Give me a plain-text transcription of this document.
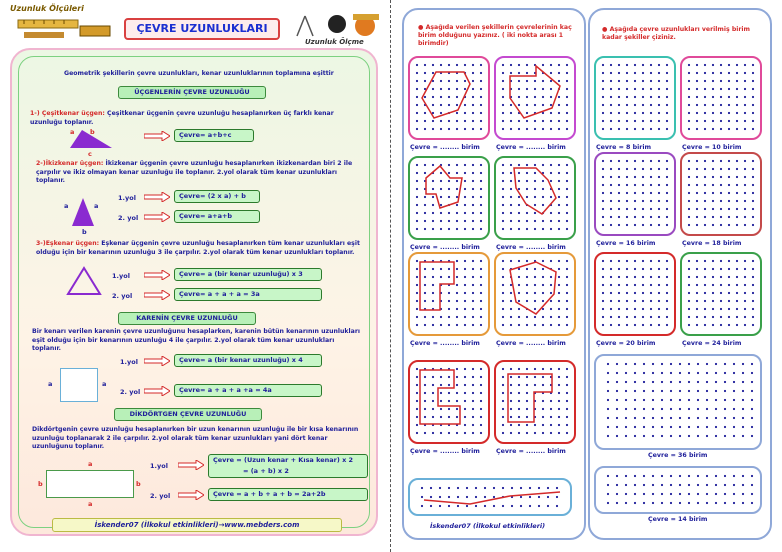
Uzunluk Ölçüleri
ÇEVRE UZUNLUKLARI
Uzunluk Ölçme
Geometrik şekillerin çevre uzunlukları, kenar uzunluklarının toplamına eşittir
ÜÇGENLERİN ÇEVRE UZUNLUĞU
1-) Çeşitkenar üçgen: Çeşitkenar üçgenin çevre uzunluğu hesaplanırken üç farklı kenar uzunluğu toplanır.
a b
c
Çevre= a+b+c
2-)İkizkenar üçgen: İkizkenar üçgenin çevre uzunluğu hesaplanırken ikizkenardan biri 2 ile çarpılır ve ikiz olmayan kenar uzunluğu ile toplanır. 2.yol olarak tüm kenar uzunlukları toplanır.
a	a
b
1.yol	Çevre= (2 x a) + b
2. yol	Çevre= a+a+b
3-)Eşkenar üçgen: Eşkenar üçgenin çevre uzunluğu hesaplanırken tüm kenar uzunlukları eşit olduğu için bir kenarının uzunluğu 3 ile çarpılır. 2.yol olarak tüm kenar uzunlukları toplanır.
1.yol	Çevre= a (bir kenar uzunluğu) x 3
2. yol	Çevre= a + a + a = 3a
KARENİN ÇEVRE UZUNLUĞU
Bir kenarı verilen karenin çevre uzunluğunu hesaplarken, karenin bütün kenarının uzunlukları eşit olduğu için bir kenarının uzunluğu 4 ile çarpılır. 2.yol olarak tüm kenar uzunlukları toplanır.
a	a
1.yol	Çevre= a (bir kenar uzunluğu) x 4
2. yol	Çevre= a + a + a +a = 4a
DİKDÖRTGEN ÇEVRE UZUNLUĞU
Dikdörtgenin çevre uzunluğu hesaplanırken bir uzun kenarının uzunluğu ile bir kısa kenarının uzunluğu toplanarak 2 ile çarpılır. 2.yol olarak tüm kenar uzunlukları yani dört kenar uzunluğunu toplanır.
a
b	b
a
1.yol
Çevre = (Uzun kenar + Kısa kenar) x 2
= (a + b) x 2
2. yol	Çevre = a + b + a + b = 2a+2b
İskender07 (İlkokul etkinlikleri)→www.mebders.com
● Aşağıda verilen şekillerin çevrelerinin kaç birim olduğunu yazınız. ( iki nokta arası 1 birimdir)
● Aşağıda çevre uzunlukları verilmiş birim kadar şekiller çiziniz.
Çevre = ........ birim	Çevre = ........ birim
Çevre = ........ birim	Çevre = ........ birim
Çevre = ........ birim	Çevre = ........ birim
Çevre = ........ birim	Çevre = ........ birim
Çevre = 8 birim	Çevre = 10 birim
Çevre = 16 birim	Çevre = 18 birim
Çevre = 20 birim	Çevre = 24 birim
Çevre = 36 birim
Çevre = 14 birim
İskender07 (İlkokul etkinlikleri)
